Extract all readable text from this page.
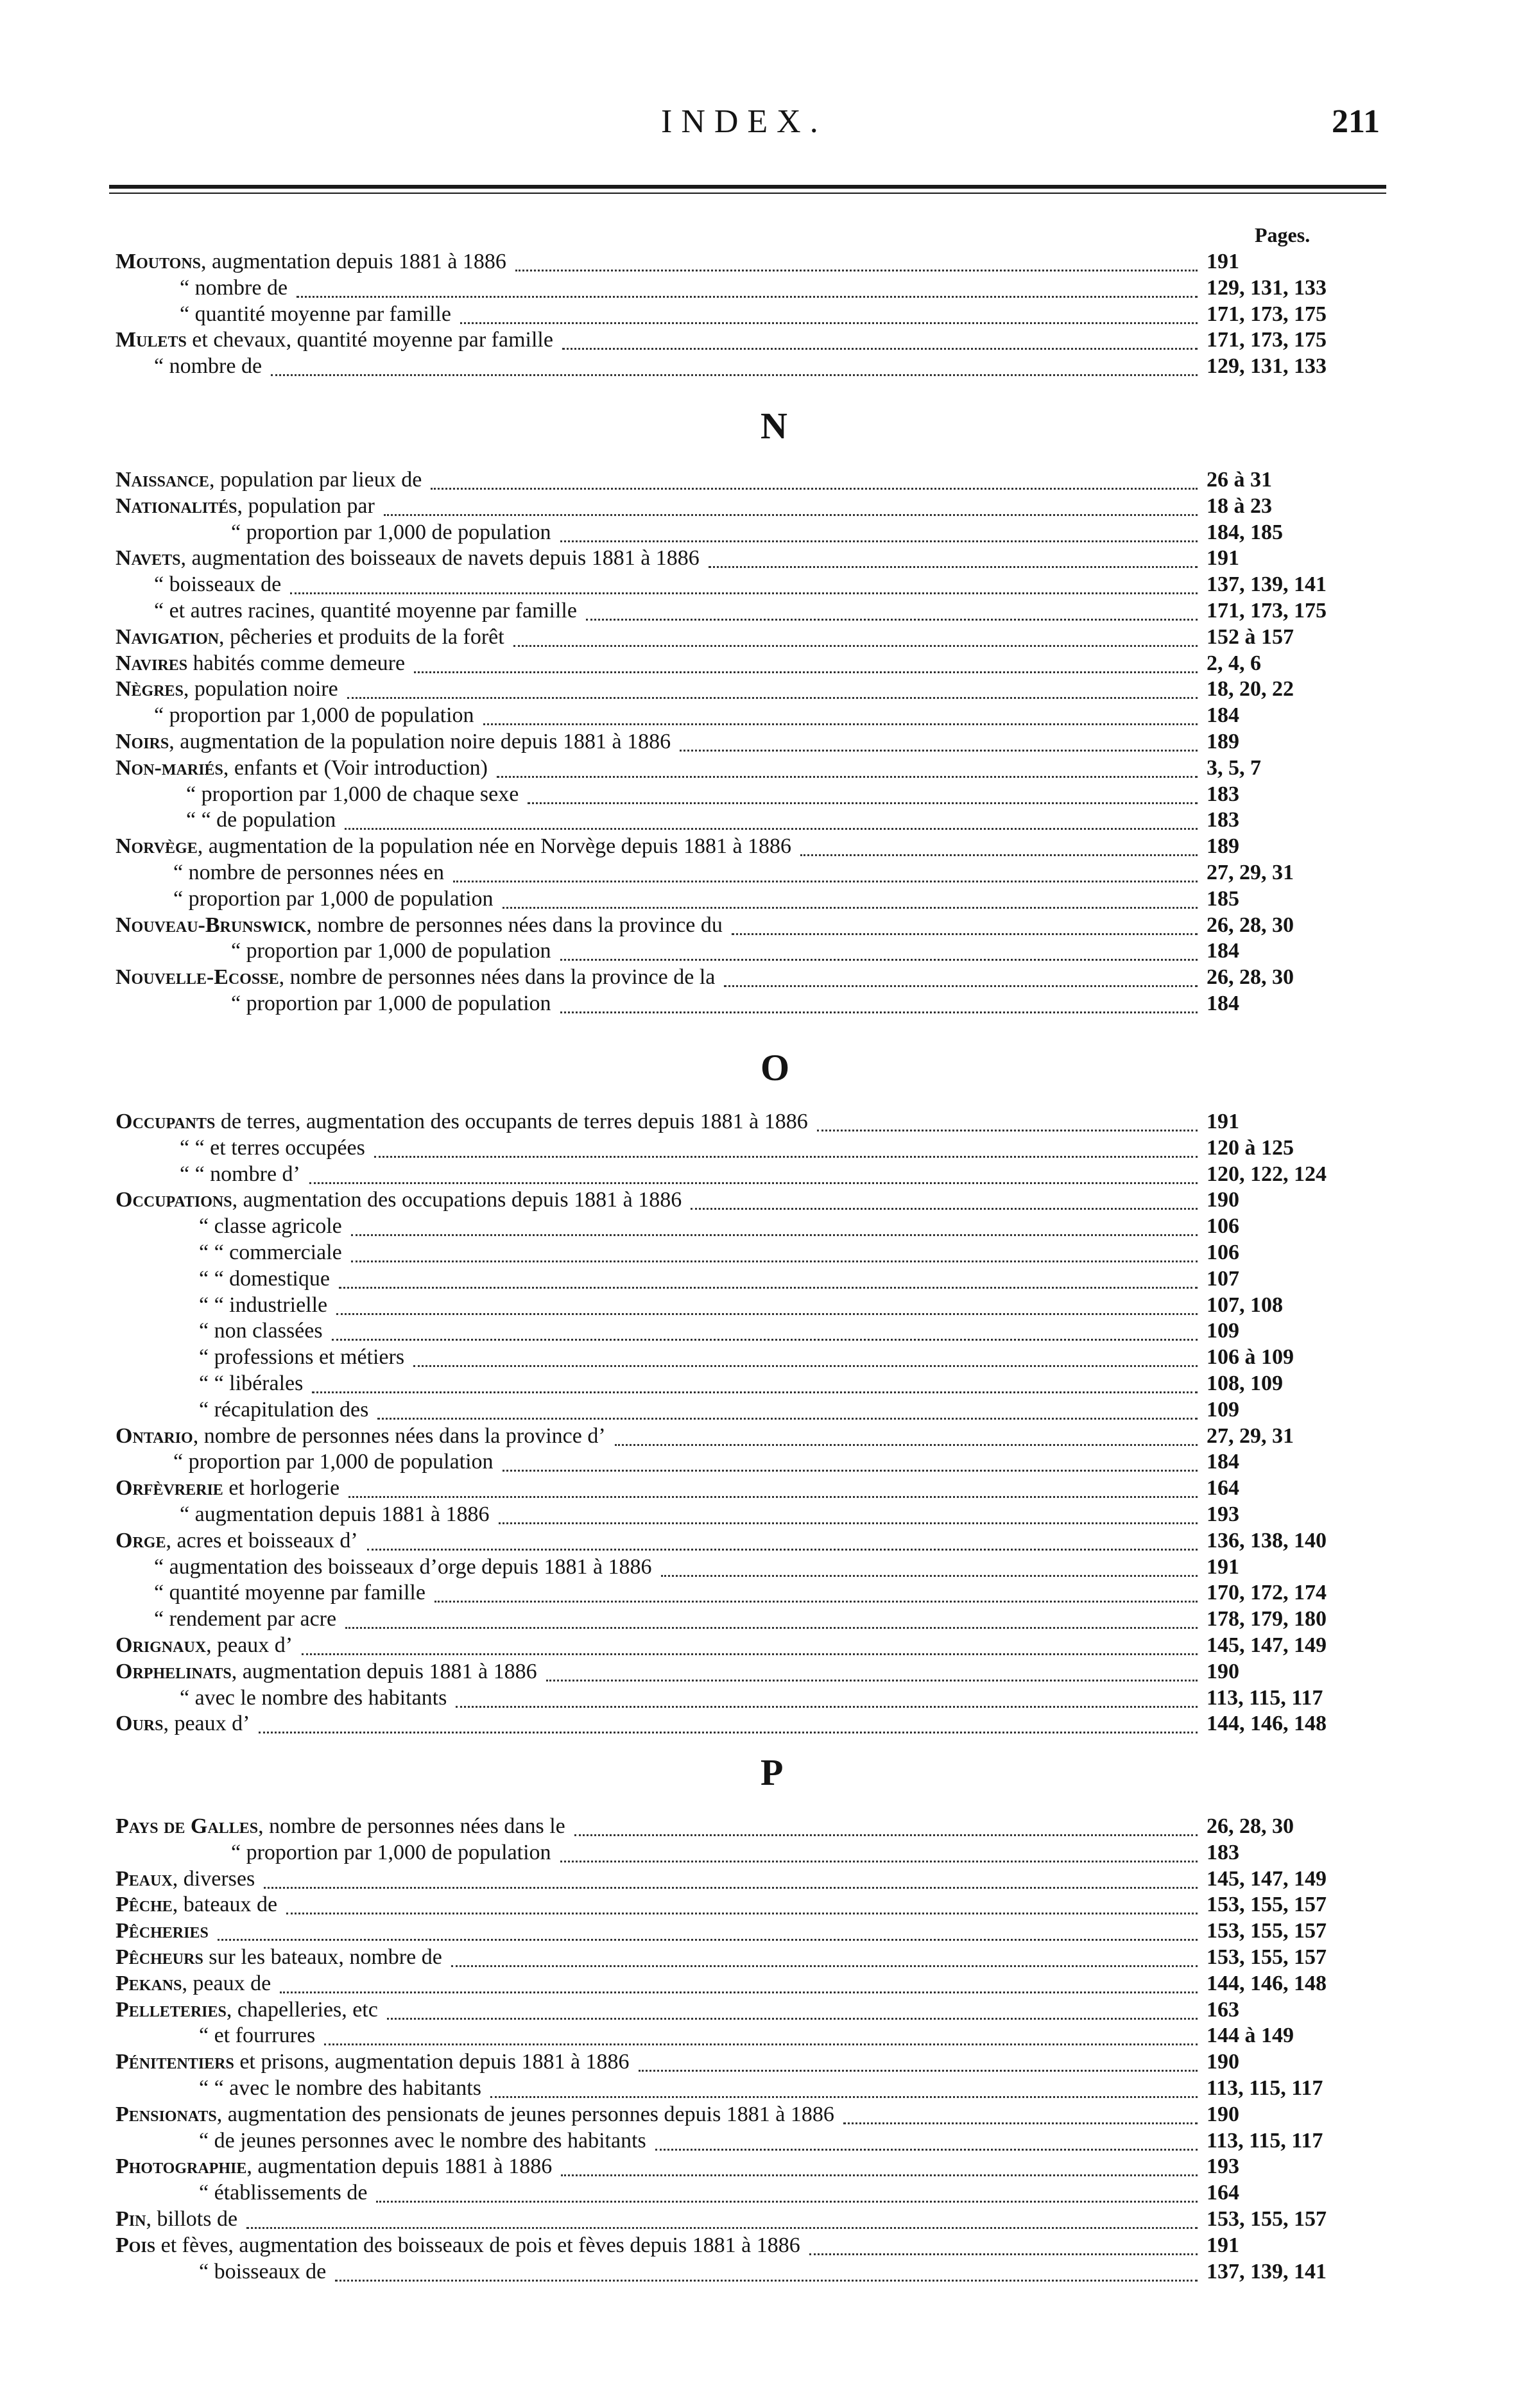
INDEX.	211
Pages.
Moutons, augmentation depuis 1881 à 1886	191
“ nombre de	129, 131, 133
“ quantité moyenne par famille	171, 173, 175
Mulets et chevaux, quantité moyenne par famille	171, 173, 175
“ nombre de	129, 131, 133
N
Naissance, population par lieux de	26 à 31
Nationalités, population par	18 à 23
“ proportion par 1,000 de population	184, 185
Navets, augmentation des boisseaux de navets depuis 1881 à 1886	191
“ boisseaux de	137, 139, 141
“ et autres racines, quantité moyenne par famille	171, 173, 175
Navigation, pêcheries et produits de la forêt	152 à 157
Navires habités comme demeure	2, 4, 6
Nègres, population noire	18, 20, 22
“ proportion par 1,000 de population	184
Noirs, augmentation de la population noire depuis 1881 à 1886	189
Non-mariés, enfants et (Voir introduction)	3, 5, 7
“ proportion par 1,000 de chaque sexe	183
“ “ de population	183
Norvège, augmentation de la population née en Norvège depuis 1881 à 1886	189
“ nombre de personnes nées en	27, 29, 31
“ proportion par 1,000 de population	185
Nouveau-Brunswick, nombre de personnes nées dans la province du	26, 28, 30
“ proportion par 1,000 de population	184
Nouvelle-Ecosse, nombre de personnes nées dans la province de la	26, 28, 30
“ proportion par 1,000 de population	184
O
Occupants de terres, augmentation des occupants de terres depuis 1881 à 1886	191
“ “ et terres occupées	120 à 125
“ “ nombre d’	120, 122, 124
Occupations, augmentation des occupations depuis 1881 à 1886	190
“ classe agricole	106
“ “ commerciale	106
“ “ domestique	107
“ “ industrielle	107, 108
“ non classées	109
“ professions et métiers	106 à 109
“ “ libérales	108, 109
“ récapitulation des	109
Ontario, nombre de personnes nées dans la province d’	27, 29, 31
“ proportion par 1,000 de population	184
Orfèvrerie et horlogerie	164
“ augmentation depuis 1881 à 1886	193
Orge, acres et boisseaux d’	136, 138, 140
“ augmentation des boisseaux d’orge depuis 1881 à 1886	191
“ quantité moyenne par famille	170, 172, 174
“ rendement par acre	178, 179, 180
Orignaux, peaux d’	145, 147, 149
Orphelinats, augmentation depuis 1881 à 1886	190
“ avec le nombre des habitants	113, 115, 117
Ours, peaux d’	144, 146, 148
P
Pays de Galles, nombre de personnes nées dans le	26, 28, 30
“ proportion par 1,000 de population	183
Peaux, diverses	145, 147, 149
Pêche, bateaux de	153, 155, 157
Pêcheries	153, 155, 157
Pêcheurs sur les bateaux, nombre de	153, 155, 157
Pekans, peaux de	144, 146, 148
Pelleteries, chapelleries, etc	163
“ et fourrures	144 à 149
Pénitentiers et prisons, augmentation depuis 1881 à 1886	190
“ “ avec le nombre des habitants	113, 115, 117
Pensionats, augmentation des pensionats de jeunes personnes depuis 1881 à 1886	190
“ de jeunes personnes avec le nombre des habitants	113, 115, 117
Photographie, augmentation depuis 1881 à 1886	193
“ établissements de	164
Pin, billots de	153, 155, 157
Pois et fèves, augmentation des boisseaux de pois et fèves depuis 1881 à 1886	191
“ boisseaux de	137, 139, 141
